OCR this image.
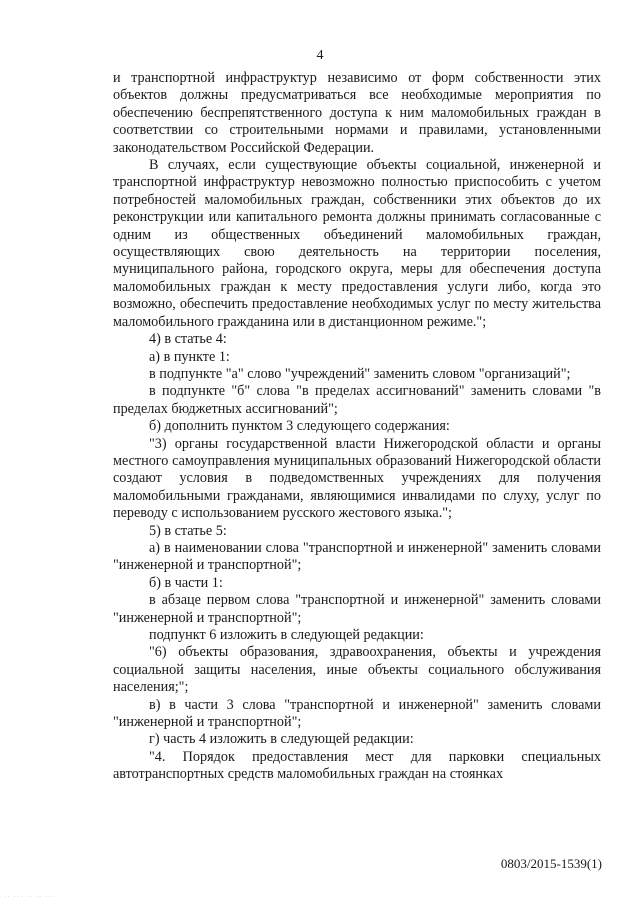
4

и транспортной инфраструктур независимо от форм собственности этих объектов должны предусматриваться все необходимые мероприятия по обеспечению беспрепятственного доступа к ним маломобильных граждан в соответствии со строительными нормами и правилами, установленными законодательством Российской Федерации.

В случаях, если существующие объекты социальной, инженерной и транспортной инфраструктур невозможно полностью приспособить с учетом потребностей маломобильных граждан, собственники этих объектов до их реконструкции или капитального ремонта должны принимать согласованные с одним из общественных объединений маломобильных граждан, осуществляющих свою деятельность на территории поселения, муниципального района, городского округа, меры для обеспечения доступа маломобильных граждан к месту предоставления услуги либо, когда это возможно, обеспечить предоставление необходимых услуг по месту жительства маломобильного гражданина или в дистанционном режиме.";

4) в статье 4:

а) в пункте 1:

в подпункте "а" слово "учреждений" заменить словом "организаций";

в подпункте "б" слова "в пределах ассигнований" заменить словами "в пределах бюджетных ассигнований";

б) дополнить пунктом 3 следующего содержания:

"3) органы государственной власти Нижегородской области и органы местного самоуправления муниципальных образований Нижегородской области создают условия в подведомственных учреждениях для получения маломобильными гражданами, являющимися инвалидами по слуху, услуг по переводу с использованием русского жестового языка.";

5) в статье 5:

а) в наименовании слова "транспортной и инженерной" заменить словами "инженерной и транспортной";

б) в части 1:

в абзаце первом слова "транспортной и инженерной" заменить словами "инженерной и транспортной";

подпункт 6 изложить в следующей редакции:

"6) объекты образования, здравоохранения, объекты и учреждения социальной защиты населения, иные объекты социального обслуживания населения;";

в) в части 3 слова "транспортной и инженерной" заменить словами "инженерной и транспортной";

г) часть 4 изложить в следующей редакции:

"4. Порядок предоставления мест для парковки специальных автотранспортных средств маломобильных граждан на стоянках

0803/2015-1539(1)
·· ··· ·· ·· ···
